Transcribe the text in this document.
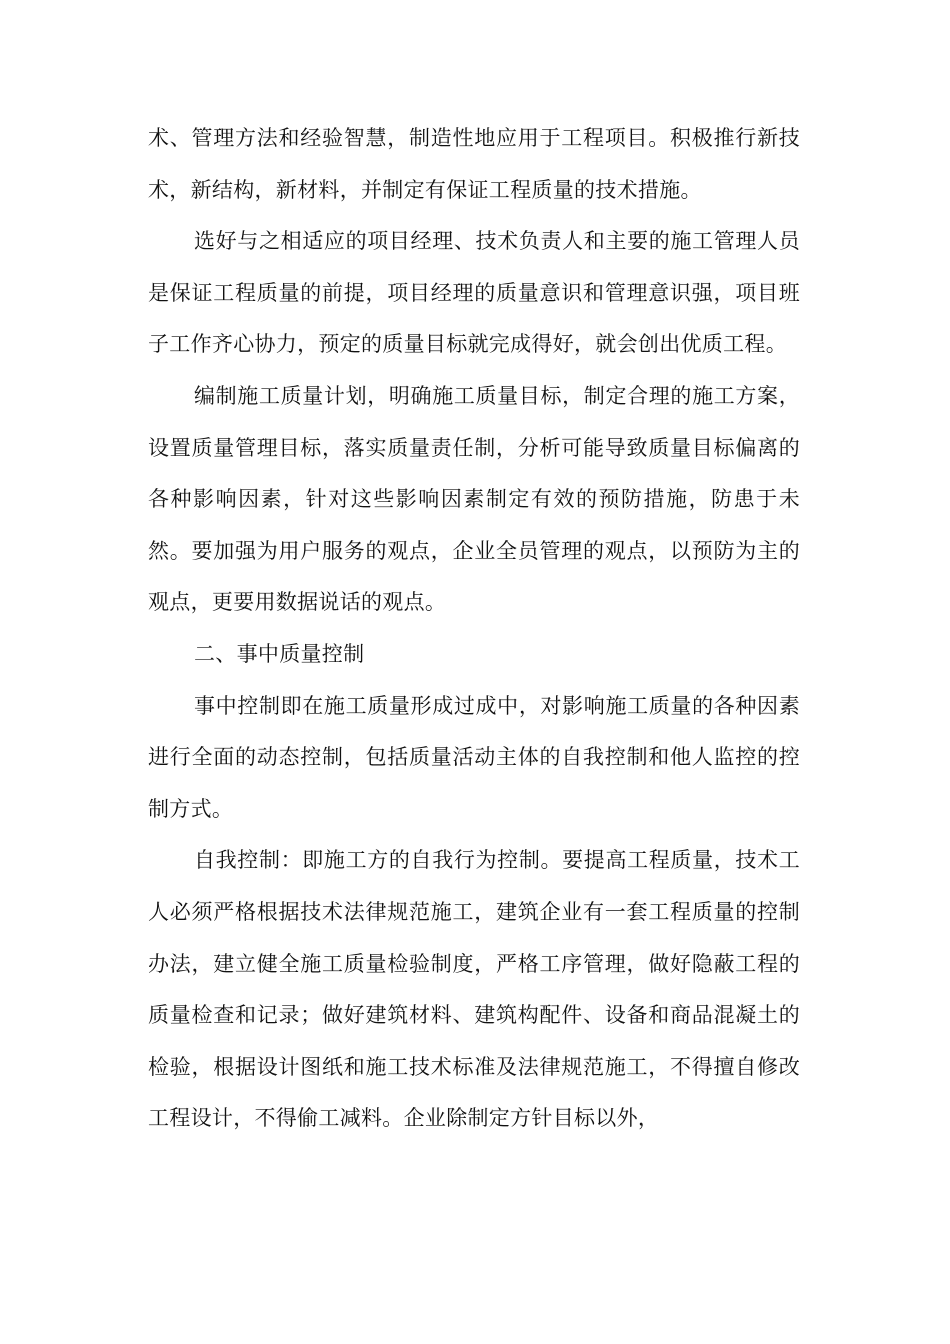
术、管理方法和经验智慧，制造性地应用于工程项目。积极推行新技术，新结构，新材料，并制定有保证工程质量的技术措施。

选好与之相适应的项目经理、技术负责人和主要的施工管理人员是保证工程质量的前提，项目经理的质量意识和管理意识强，项目班子工作齐心协力，预定的质量目标就完成得好，就会创出优质工程。

编制施工质量计划，明确施工质量目标，制定合理的施工方案，设置质量管理目标，落实质量责任制，分析可能导致质量目标偏离的各种影响因素，针对这些影响因素制定有效的预防措施，防患于未然。要加强为用户服务的观点，企业全员管理的观点，以预防为主的观点，更要用数据说话的观点。

二、事中质量控制

事中控制即在施工质量形成过成中，对影响施工质量的各种因素进行全面的动态控制，包括质量活动主体的自我控制和他人监控的控制方式。

自我控制：即施工方的自我行为控制。要提高工程质量，技术工人必须严格根据技术法律规范施工，建筑企业有一套工程质量的控制办法，建立健全施工质量检验制度，严格工序管理，做好隐蔽工程的质量检查和记录；做好建筑材料、建筑构配件、设备和商品混凝土的检验，根据设计图纸和施工技术标准及法律规范施工，不得擅自修改工程设计，不得偷工减料。企业除制定方针目标以外，
